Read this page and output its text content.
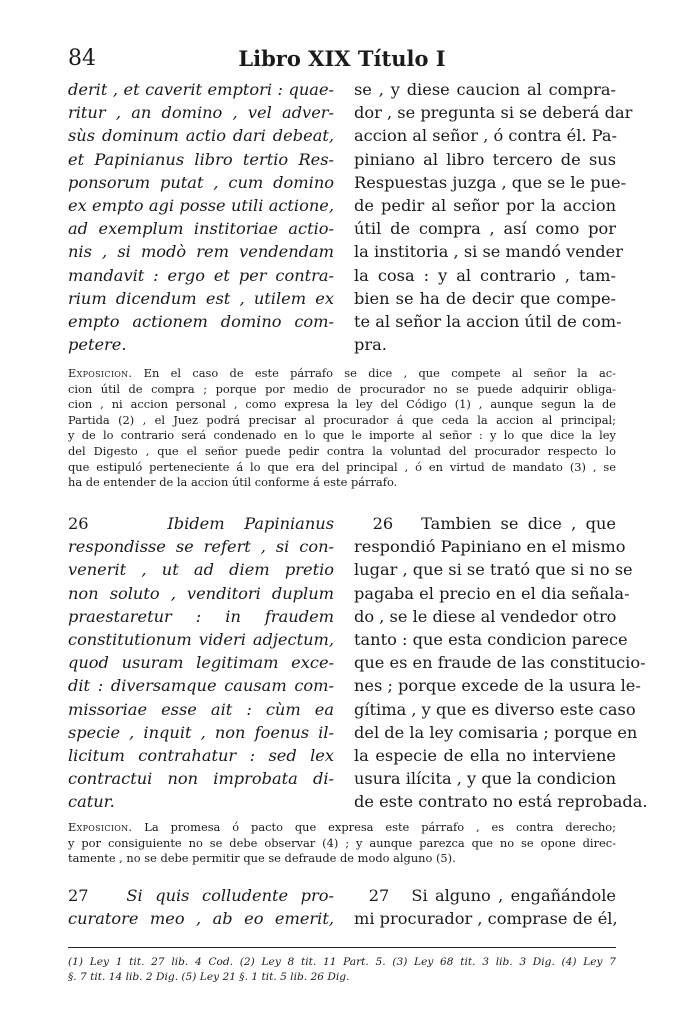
84	Libro XIX Título I
derit , et caverit emptori : quae-
ritur , an domino , vel adver-
sùs dominum actio dari debeat,
et Papinianus libro tertio Res-
ponsorum putat , cum domino
ex empto agi posse utili actione,
ad exemplum institoriae actio-
nis , si modò rem vendendam
mandavit : ergo et per contra-
rium dicendum est , utilem ex
empto actionem domino com-
petere.
se , y diese caucion al compra-
dor , se pregunta si se deberá dar
accion al señor , ó contra él. Pa-
piniano al libro tercero de sus
Respuestas juzga , que se le pue-
de pedir al señor por la accion
útil de compra , así como por
la institoria , si se mandó vender
la cosa : y al contrario , tam-
bien se ha de decir que compe-
te al señor la accion útil de com-
pra.
Exposicion. En el caso de este párrafo se dice , que compete al señor la ac-
cion útil de compra ; porque por medio de procurador no se puede adquirir obliga-
cion , ni accion personal , como expresa la ley del Código (1) , aunque segun la de
Partida (2) , el Juez podrá precisar al procurador á que ceda la accion al principal;
y de lo contrario será condenado en lo que le importe al señor : y lo que dice la ley
del Digesto , que el señor puede pedir contra la voluntad del procurador respecto lo
que estipuló perteneciente á lo que era del principal , ó en virtud de mandato (3) , se
ha de entender de la accion útil conforme á este párrafo.
26	Ibidem Papinianus
respondisse se refert , si con-
venerit , ut ad diem pretio
non soluto , venditori duplum
praestaretur : in fraudem
constitutionum videri adjectum,
quod usuram legitimam exce-
dit : diversamque causam com-
missoriae esse ait : cùm ea
specie , inquit , non foenus il-
licitum contrahatur : sed lex
contractui non improbata di-
catur.
26 Tambien se dice , que
respondió Papiniano en el mismo
lugar , que si se trató que si no se
pagaba el precio en el dia señala-
do , se le diese al vendedor otro
tanto : que esta condicion parece
que es en fraude de las constitucio-
nes ; porque excede de la usura le-
gítima , y que es diverso este caso
del de la ley comisaria ; porque en
la especie de ella no interviene
usura ilícita , y que la condicion
de este contrato no está reprobada.
Exposicion. La promesa ó pacto que expresa este párrafo , es contra derecho;
y por consiguiente no se debe observar (4) ; y aunque parezca que no se opone direc-
tamente , no se debe permitir que se defraude de modo alguno (5).
27 Si quis colludente pro-
curatore meo , ab eo emerit,
27 Si alguno , engañándole
mi procurador , comprase de él,
(1) Ley 1 tit. 27 lib. 4 Cod. (2) Ley 8 tit. 11 Part. 5. (3) Ley 68 tit. 3 lib. 3 Dig. (4) Ley 7
§. 7 tit. 14 lib. 2 Dig. (5) Ley 21 §. 1 tit. 5 lib. 26 Dig.
